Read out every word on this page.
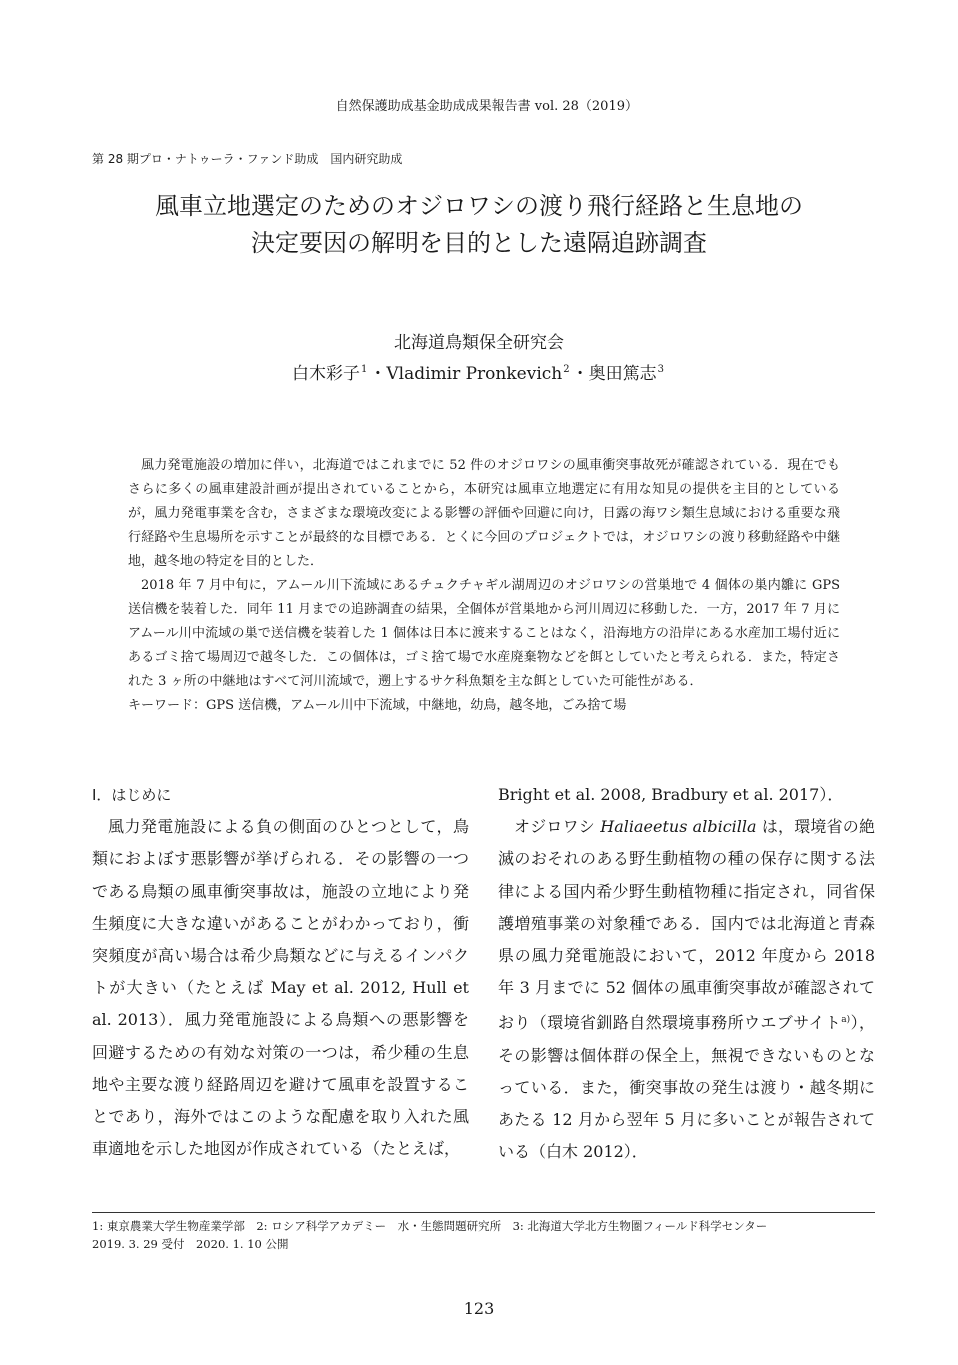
自然保護助成基金助成成果報告書 vol. 28（2019）
第 28 期プロ・ナトゥーラ・ファンド助成　国内研究助成
風車立地選定のためのオジロワシの渡り飛行経路と生息地の
決定要因の解明を目的とした遠隔追跡調査
北海道鳥類保全研究会
白木彩子$^1$ ・Vladimir Pronkevich$^2$ ・奥田篤志$^3$

風力発電施設の増加に伴い，北海道ではこれまでに 52 件のオジロワシの風車衝突事故死が確認されている．現在でもさらに多くの風車建設計画が提出されていることから，本研究は風車立地選定に有用な知見の提供を主目的としているが，風力発電事業を含む，さまざまな環境改変による影響の評価や回避に向け，日露の海ワシ類生息域における重要な飛行経路や生息場所を示すことが最終的な目標である．とくに今回のプロジェクトでは，オジロワシの渡り移動経路や中継地，越冬地の特定を目的とした．

2018 年 7 月中旬に，アムール川下流域にあるチュクチャギル湖周辺のオジロワシの営巣地で 4 個体の巣内雛に GPS 送信機を装着した．同年 11 月までの追跡調査の結果，全個体が営巣地から河川周辺に移動した．一方，2017 年 7 月にアムール川中流域の巣で送信機を装着した 1 個体は日本に渡来することはなく，沿海地方の沿岸にある水産加工場付近にあるゴミ捨て場周辺で越冬した．この個体は，ゴミ捨て場で水産廃棄物などを餌としていたと考えられる．また，特定された 3 ヶ所の中継地はすべて河川流域で，遡上するサケ科魚類を主な餌としていた可能性がある．

キーワード：GPS 送信機，アムール川中下流域，中継地，幼鳥，越冬地，ごみ捨て場

Ⅰ．はじめに

風力発電施設による負の側面のひとつとして，鳥類におよぼす悪影響が挙げられる．その影響の一つである鳥類の風車衝突事故は，施設の立地により発生頻度に大きな違いがあることがわかっており，衝突頻度が高い場合は希少鳥類などに与えるインパクトが大きい（たとえば May et al. 2012, Hull et al. 2013）．風力発電施設による鳥類への悪影響を回避するための有効な対策の一つは，希少種の生息地や主要な渡り経路周辺を避けて風車を設置することであり，海外ではこのような配慮を取り入れた風車適地を示した地図が作成されている（たとえば，

Bright et al. 2008, Bradbury et al. 2017）．

オジロワシ Haliaeetus albicilla は，環境省の絶滅のおそれのある野生動植物の種の保存に関する法律による国内希少野生動植物種に指定され，同省保護増殖事業の対象種である．国内では北海道と青森県の風力発電施設において，2012 年度から 2018 年 3 月までに 52 個体の風車衝突事故が確認されており（環境省釧路自然環境事務所ウエブサイト$^{a)}$），その影響は個体群の保全上，無視できないものとなっている．また，衝突事故の発生は渡り・越冬期にあたる 12 月から翌年 5 月に多いことが報告されている（白木 2012）．

1: 東京農業大学生物産業学部　2: ロシア科学アカデミー　水・生態問題研究所　3: 北海道大学北方生物圏フィールド科学センター
2019. 3. 29 受付　2020. 1. 10 公開
123
